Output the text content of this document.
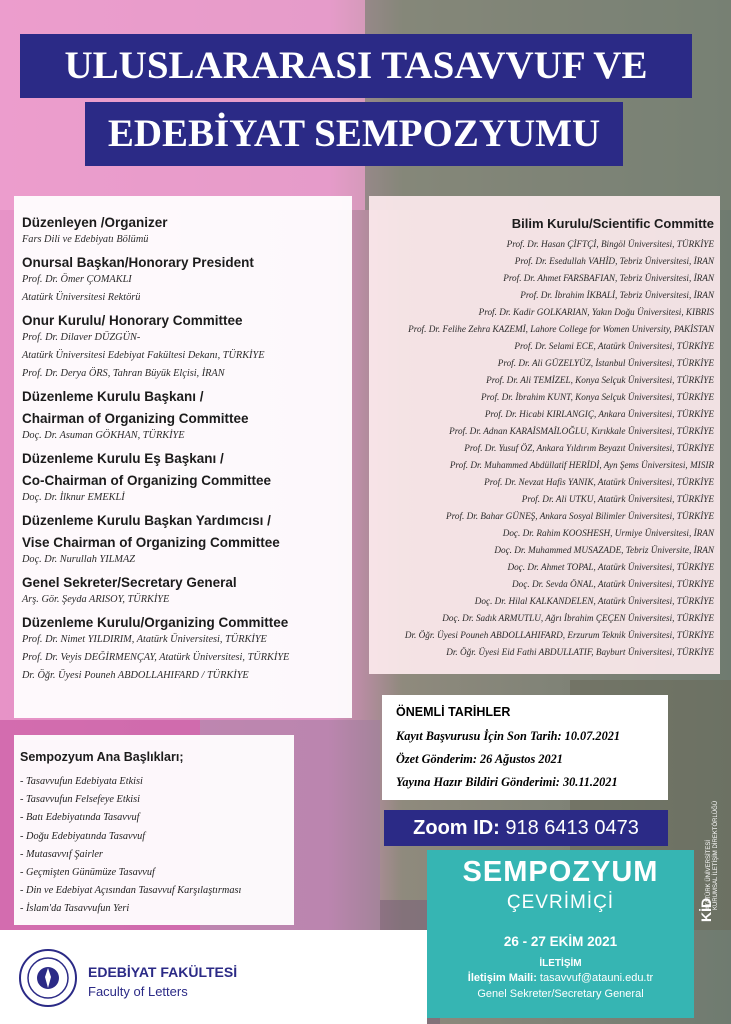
ULUSLARARASI TASAVVUF VE
EDEBİYAT SEMPOZYUMU

Düzenleyen /Organizer

Fars Dili ve Edebiyatı Bölümü

Onursal Başkan/Honorary President

Prof. Dr. Ömer ÇOMAKLI

Atatürk Üniversitesi Rektörü

Onur Kurulu/ Honorary Committee

Prof. Dr. Dilaver DÜZGÜN-

Atatürk Üniversitesi Edebiyat Fakültesi Dekanı, TÜRKİYE

Prof. Dr. Derya ÖRS, Tahran Büyük Elçisi, İRAN

Düzenleme Kurulu Başkanı /

Chairman of Organizing Committee

Doç. Dr. Asuman GÖKHAN, TÜRKİYE

Düzenleme Kurulu Eş Başkanı /

Co-Chairman of Organizing Committee

Doç. Dr. İlknur EMEKLİ

Düzenleme Kurulu Başkan Yardımcısı /

Vise Chairman of Organizing Committee

Doç. Dr. Nurullah YILMAZ

Genel Sekreter/Secretary General

Arş. Gör. Şeyda ARISOY, TÜRKİYE

Düzenleme Kurulu/Organizing Committee

Prof. Dr. Nimet YILDIRIM, Atatürk Üniversitesi, TÜRKİYE

Prof. Dr. Veyis DEĞİRMENÇAY, Atatürk Üniversitesi, TÜRKİYE

Dr. Öğr. Üyesi Pouneh ABDOLLAHIFARD / TÜRKİYE

Bilim Kurulu/Scientific Committe

Prof. Dr. Hasan ÇİFTÇİ, Bingöl Üniversitesi, TÜRKİYE

Prof. Dr. Esedullah VAHİD, Tebriz Üniversitesi, İRAN

Prof. Dr. Ahmet FARSBAFIAN, Tebriz Üniversitesi, İRAN

Prof. Dr. İbrahim İKBALİ, Tebriz Üniversitesi, İRAN

Prof. Dr. Kadir GOLKARIAN, Yakın Doğu Üniversitesi, KIBRIS

Prof. Dr. Felihe Zehra KAZEMİ, Lahore College for Women University, PAKİSTAN

Prof. Dr. Selami ECE, Atatürk Üniversitesi, TÜRKİYE

Prof. Dr. Ali GÜZELYÜZ, İstanbul Üniversitesi, TÜRKİYE

Prof. Dr. Ali TEMİZEL, Konya Selçuk Üniversitesi, TÜRKİYE

Prof. Dr. İbrahim KUNT, Konya Selçuk Üniversitesi, TÜRKİYE

Prof. Dr. Hicabi KIRLANGIÇ, Ankara Üniversitesi, TÜRKİYE

Prof. Dr. Adnan KARAİSMAİLOĞLU, Kırıkkale Üniversitesi, TÜRKİYE

Prof. Dr. Yusuf ÖZ, Ankara Yıldırım Beyazıt Üniversitesi, TÜRKİYE

Prof. Dr. Muhammed Abdüllatif HERİDİ, Ayn Şems Üniversitesi, MISIR

Prof. Dr. Nevzat Hafis YANIK, Atatürk Üniversitesi, TÜRKİYE

Prof. Dr. Ali UTKU, Atatürk Üniversitesi, TÜRKİYE

Prof. Dr. Bahar GÜNEŞ, Ankara Sosyal Bilimler Üniversitesi, TÜRKİYE

Doç. Dr. Rahim KOOSHESH, Urmiye Üniversitesi, İRAN

Doç. Dr. Muhammed MUSAZADE, Tebriz Üniversite, İRAN

Doç. Dr. Ahmet TOPAL, Atatürk Üniversitesi, TÜRKİYE

Doç. Dr. Sevda ÖNAL, Atatürk Üniversitesi, TÜRKİYE

Doç. Dr. Hilal KALKANDELEN, Atatürk Üniversitesi, TÜRKİYE

Doç. Dr. Sadık ARMUTLU, Ağrı İbrahim ÇEÇEN Üniversitesi, TÜRKİYE

Dr. Öğr. Üyesi Pouneh ABDOLLAHIFARD, Erzurum Teknik Üniversitesi, TÜRKİYE

Dr. Öğr. Üyesi Eid Fathi ABDULLATIF, Bayburt Üniversitesi, TÜRKİYE

Sempozyum Ana Başlıkları;
- Tasavvufun Edebiyata Etkisi
- Tasavvufun Felsefeye Etkisi
- Batı Edebiyatında Tasavvuf
- Doğu Edebiyatında Tasavvuf
- Mutasavvıf Şairler
- Geçmişten Günümüze Tasavvuf
- Din ve Edebiyat Açısından Tasavvuf Karşılaştırması
- İslam'da Tasavvufun Yeri
ÖNEMLİ TARİHLER
Kayıt Başvurusu İçin Son Tarih: 10.07.2021
Özet Gönderim: 26 Ağustos 2021
Yayına Hazır Bildiri Gönderimi: 30.11.2021
Zoom ID: 918 6413 0473
SEMPOZYUM
ÇEVRİMİÇİ
26 - 27 EKİM 2021
İLETİŞİM
İletişim Maili: tasavvuf@atauni.edu.tr
Genel Sekreter/Secretary General
KİD
ATATÜRK ÜNİVERSİTESİ KURUMSAL İLETİŞİM DİREKTÖRLÜĞÜ
EDEBİYAT FAKÜLTESİ
Faculty of Letters
